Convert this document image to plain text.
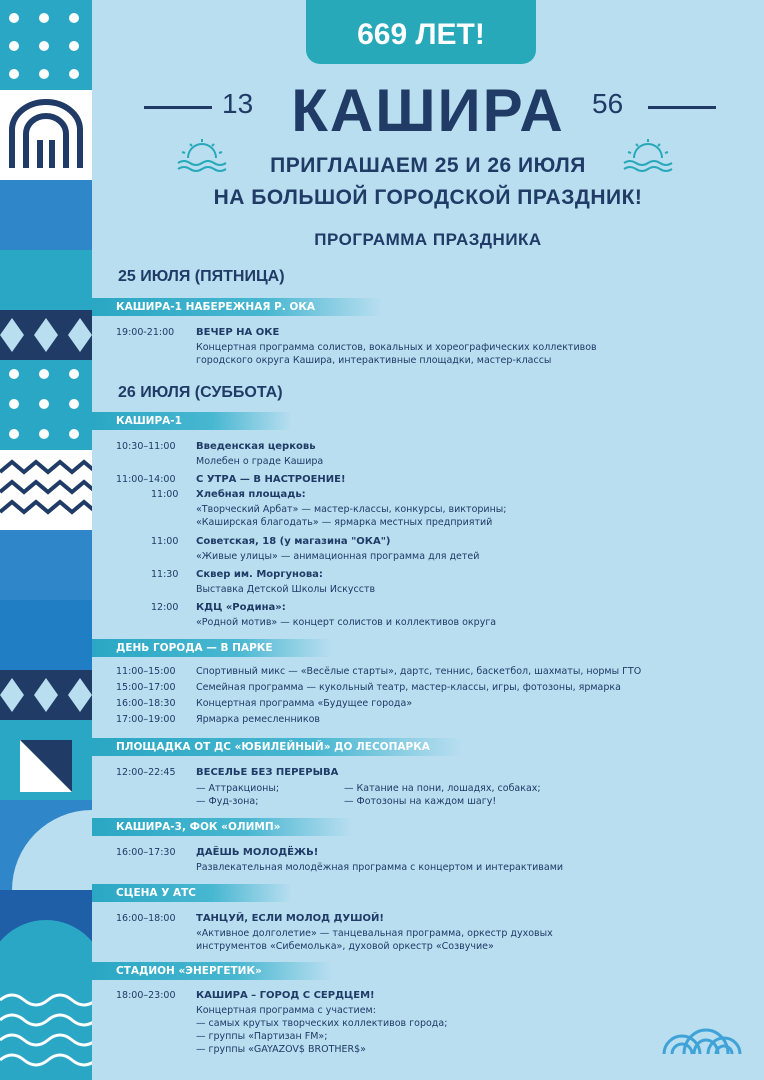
669 ЛЕТ!
13 КАШИРА 56
ПРИГЛАШАЕМ 25 И 26 ИЮЛЯ
НА БОЛЬШОЙ ГОРОДСКОЙ ПРАЗДНИК!
ПРОГРАММА ПРАЗДНИКА
25 ИЮЛЯ (ПЯТНИЦА)
КАШИРА-1 НАБЕРЕЖНАЯ Р. ОКА
19:00-21:00 ВЕЧЕР НА ОКЕ
Концертная программа солистов, вокальных и хореографических коллективов
городского округа Кашира, интерактивные площадки, мастер-классы
26 ИЮЛЯ (СУББОТА)
КАШИРА-1
10:30–11:00 Введенская церковь
Молебен о граде Кашира
11:00–14:00 С УТРА — В НАСТРОЕНИЕ!
11:00 Хлебная площадь:
«Творческий Арбат» — мастер-классы, конкурсы, викторины;
«Каширская благодать» — ярмарка местных предприятий
11:00 Советская, 18 (у магазина "ОКА")
«Живые улицы» — анимационная программа для детей
11:30 Сквер им. Моргунова:
Выставка Детской Школы Искусств
12:00 КДЦ «Родина»:
«Родной мотив» — концерт солистов и коллективов округа
ДЕНЬ ГОРОДА — В ПАРКЕ
11:00–15:00 Спортивный микс — «Весёлые старты», дартс, теннис, баскетбол, шахматы, нормы ГТО
15:00–17:00 Семейная программа — кукольный театр, мастер-классы, игры, фотозоны, ярмарка
16:00–18:30 Концертная программа «Будущее города»
17:00–19:00 Ярмарка ремесленников
ПЛОЩАДКА ОТ ДС «ЮБИЛЕЙНЫЙ» ДО ЛЕСОПАРКА
12:00–22:45 ВЕСЕЛЬЕ БЕЗ ПЕРЕРЫВА
— Аттракционы;
— Фуд-зона;
— Катание на пони, лошадях, собаках;
— Фотозоны на каждом шагу!
КАШИРА-3, ФОК «ОЛИМП»
16:00–17:30 ДАЁШЬ МОЛОДЁЖЬ!
Развлекательная молодёжная программа с концертом и интерактивами
СЦЕНА У АТС
16:00–18:00 ТАНЦУЙ, ЕСЛИ МОЛОД ДУШОЙ!
«Активное долголетие» — танцевальная программа, оркестр духовых
инструментов «Сибемолька», духовой оркестр «Созвучие»
СТАДИОН «ЭНЕРГЕТИК»
18:00–23:00 КАШИРА – ГОРОД С СЕРДЦЕМ!
Концертная программа с участием:
— самых крутых творческих коллективов города;
— группы «Партизан FM»;
— группы «GAYAZOV$ BROTHER$»
